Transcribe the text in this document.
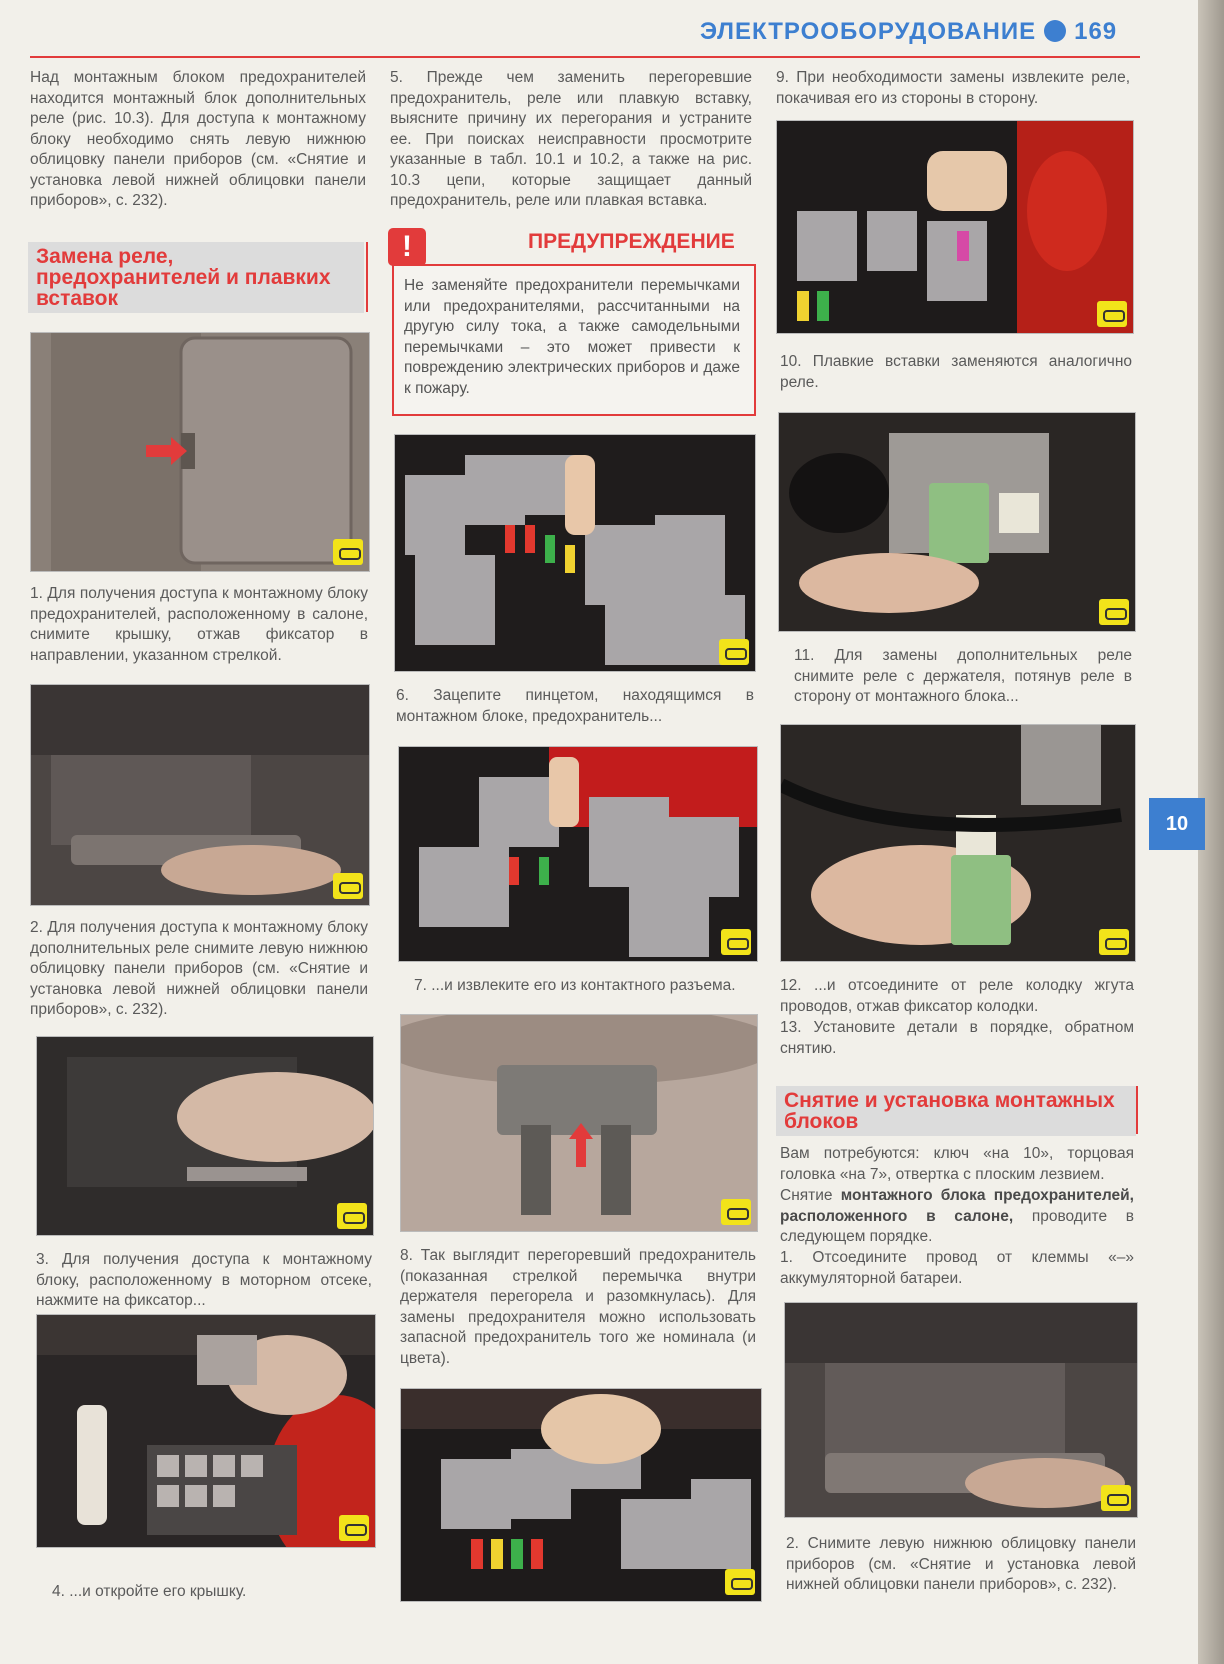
ЭЛЕКТРООБОРУДОВАНИЕ 169
Над монтажным блоком предохранителей находится монтажный блок дополнительных реле (рис. 10.3). Для доступа к монтажному блоку необходимо снять левую нижнюю облицовку панели приборов (см. «Снятие и установка левой нижней облицовки панели приборов», с. 232).
Замена реле, предохранителей и плавких вставок
1. Для получения доступа к монтажному блоку предохранителей, расположенному в салоне, снимите крышку, отжав фиксатор в направлении, указанном стрелкой.
2. Для получения доступа к монтажному блоку дополнительных реле снимите левую нижнюю облицовку панели приборов (см. «Снятие и установка левой нижней облицовки панели приборов», с. 232).
3. Для получения доступа к монтажному блоку, расположенному в моторном отсеке, нажмите на фиксатор...
4. ...и откройте его крышку.
5. Прежде чем заменить перегоревшие предохранитель, реле или плавкую вставку, выясните причину их перегорания и устраните ее. При поисках неисправности просмотрите указанные в табл. 10.1 и 10.2, а также на рис. 10.3 цепи, которые защищает данный предохранитель, реле или плавкая вставка.
!	ПРЕДУПРЕЖДЕНИЕ
Не заменяйте предохранители перемычками или предохранителями, рассчитанными на другую силу тока, а также самодельными перемычками – это может привести к повреждению электрических приборов и даже к пожару.
6. Зацепите пинцетом, находящимся в монтажном блоке, предохранитель...
7. ...и извлеките его из контактного разъема.
8. Так выглядит перегоревший предохранитель (показанная стрелкой перемычка внутри держателя перегорела и разомкнулась). Для замены предохранителя можно использовать запасной предохранитель того же номинала (и цвета).
9. При необходимости замены извлеките реле, покачивая его из стороны в сторону.
10. Плавкие вставки заменяются аналогично реле.
11. Для замены дополнительных реле снимите реле с держателя, потянув реле в сторону от монтажного блока...
12. ...и отсоедините от реле колодку жгута проводов, отжав фиксатор колодки.
13. Установите детали в порядке, обратном снятию.
Снятие и установка монтажных блоков
Вам потребуются: ключ «на 10», торцовая головка «на 7», отвертка с плоским лезвием.
Снятие монтажного блока предохранителей, расположенного в салоне, проводите в следующем порядке.
1. Отсоедините провод от клеммы «–» аккумуляторной батареи.
2. Снимите левую нижнюю облицовку панели приборов (см. «Снятие и установка левой нижней облицовки панели приборов», с. 232).
10
